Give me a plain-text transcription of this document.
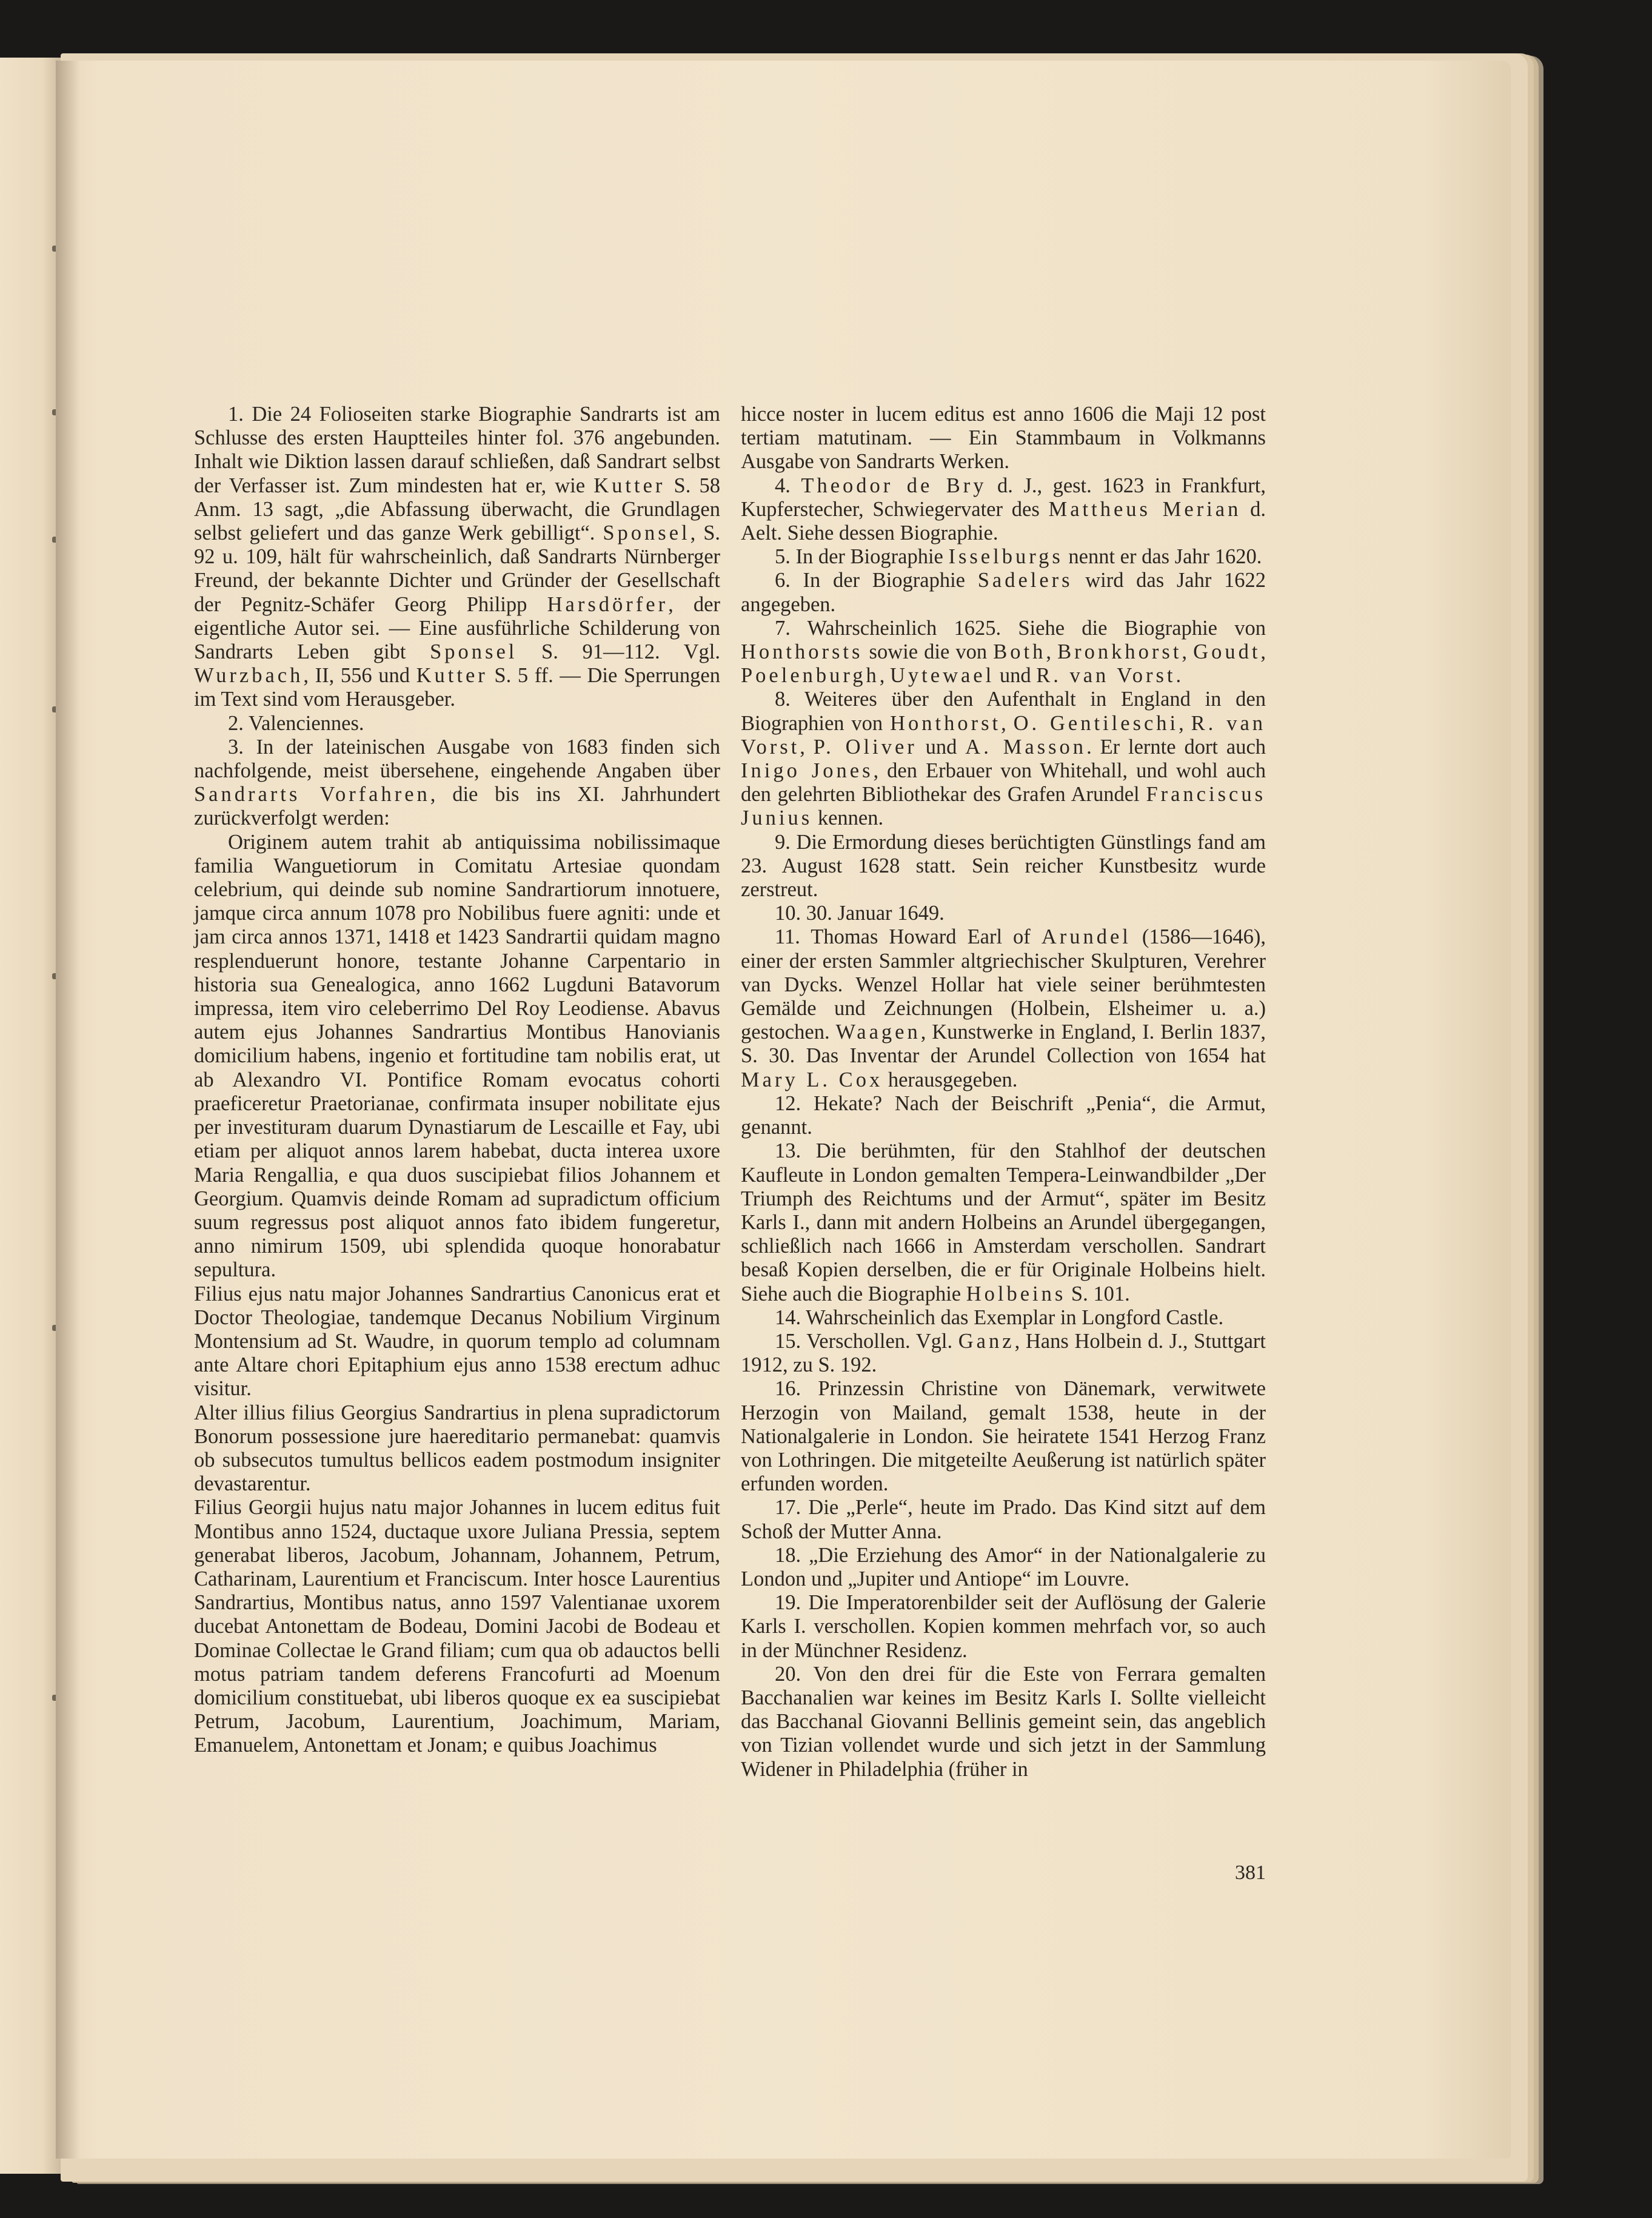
1. Die 24 Folioseiten starke Biographie Sandrarts ist am Schlusse des ersten Hauptteiles hinter fol. 376 angebunden. Inhalt wie Diktion lassen darauf schließen, daß Sandrart selbst der Verfasser ist. Zum mindesten hat er, wie Kutter S. 58 Anm. 13 sagt, „die Abfassung überwacht, die Grundlagen selbst geliefert und das ganze Werk gebilligt“. Sponsel, S. 92 u. 109, hält für wahrscheinlich, daß Sandrarts Nürnberger Freund, der bekannte Dichter und Gründer der Gesellschaft der Pegnitz-Schäfer Georg Philipp Harsdörfer, der eigentliche Autor sei. — Eine ausführliche Schilderung von Sandrarts Leben gibt Sponsel S. 91—112. Vgl. Wurzbach, II, 556 und Kutter S. 5 ff. — Die Sperrungen im Text sind vom Herausgeber.

2. Valenciennes.

3. In der lateinischen Ausgabe von 1683 finden sich nachfolgende, meist übersehene, eingehende Angaben über Sandrarts Vorfahren, die bis ins XI. Jahrhundert zurückverfolgt werden:

Originem autem trahit ab antiquissima nobilissimaque familia Wanguetiorum in Comitatu Artesiae quondam celebrium, qui deinde sub nomine Sandrartiorum innotuere, jamque circa annum 1078 pro Nobilibus fuere agniti: unde et jam circa annos 1371, 1418 et 1423 Sandrartii quidam magno resplenduerunt honore, testante Johanne Carpentario in historia sua Genealogica, anno 1662 Lugduni Batavorum impressa, item viro celeberrimo Del Roy Leodiense. Abavus autem ejus Johannes Sandrartius Montibus Hanovianis domicilium habens, ingenio et fortitudine tam nobilis erat, ut ab Alexandro VI. Pontifice Romam evocatus cohorti praeficeretur Praetorianae, confirmata insuper nobilitate ejus per investituram duarum Dynastiarum de Lescaille et Fay, ubi etiam per aliquot annos larem habebat, ducta interea uxore Maria Rengallia, e qua duos suscipiebat filios Johannem et Georgium. Quamvis deinde Romam ad supradictum officium suum regressus post aliquot annos fato ibidem fungeretur, anno nimirum 1509, ubi splendida quoque honorabatur sepultura.

Filius ejus natu major Johannes Sandrartius Canonicus erat et Doctor Theologiae, tandemque Decanus Nobilium Virginum Montensium ad St. Waudre, in quorum templo ad columnam ante Altare chori Epitaphium ejus anno 1538 erectum adhuc visitur.

Alter illius filius Georgius Sandrartius in plena supradictorum Bonorum possessione jure haereditario permanebat: quamvis ob subsecutos tumultus bellicos eadem postmodum insigniter devastarentur.

Filius Georgii hujus natu major Johannes in lucem editus fuit Montibus anno 1524, ductaque uxore Juliana Pressia, septem generabat liberos, Jacobum, Johannam, Johannem, Petrum, Catharinam, Laurentium et Franciscum. Inter hosce Laurentius Sandrartius, Montibus natus, anno 1597 Valentianae uxorem ducebat Antonettam de Bodeau, Domini Jacobi de Bodeau et Dominae Collectae le Grand filiam; cum qua ob adauctos belli motus patriam tandem deferens Francofurti ad Moenum domicilium constituebat, ubi liberos quoque ex ea suscipiebat Petrum, Jacobum, Laurentium, Joachimum, Mariam, Emanuelem, Antonettam et Jonam; e quibus Joachimus

hicce noster in lucem editus est anno 1606 die Maji 12 post tertiam matutinam. — Ein Stammbaum in Volkmanns Ausgabe von Sandrarts Werken.

4. Theodor de Bry d. J., gest. 1623 in Frankfurt, Kupferstecher, Schwiegervater des Mattheus Merian d. Aelt. Siehe dessen Biographie.

5. In der Biographie Isselburgs nennt er das Jahr 1620.

6. In der Biographie Sadelers wird das Jahr 1622 angegeben.

7. Wahrscheinlich 1625. Siehe die Biographie von Honthorsts sowie die von Both, Bronkhorst, Goudt, Poelenburgh, Uytewael und R. van Vorst.

8. Weiteres über den Aufenthalt in England in den Biographien von Honthorst, O. Gentileschi, R. van Vorst, P. Oliver und A. Masson. Er lernte dort auch Inigo Jones, den Erbauer von Whitehall, und wohl auch den gelehrten Bibliothekar des Grafen Arundel Franciscus Junius kennen.

9. Die Ermordung dieses berüchtigten Günstlings fand am 23. August 1628 statt. Sein reicher Kunstbesitz wurde zerstreut.

10. 30. Januar 1649.

11. Thomas Howard Earl of Arundel (1586—1646), einer der ersten Sammler altgriechischer Skulpturen, Verehrer van Dycks. Wenzel Hollar hat viele seiner berühmtesten Gemälde und Zeichnungen (Holbein, Elsheimer u. a.) gestochen. Waagen, Kunstwerke in England, I. Berlin 1837, S. 30. Das Inventar der Arundel Collection von 1654 hat Mary L. Cox herausgegeben.

12. Hekate? Nach der Beischrift „Penia“, die Armut, genannt.

13. Die berühmten, für den Stahlhof der deutschen Kaufleute in London gemalten Tempera-Leinwandbilder „Der Triumph des Reichtums und der Armut“, später im Besitz Karls I., dann mit andern Holbeins an Arundel übergegangen, schließlich nach 1666 in Amsterdam verschollen. Sandrart besaß Kopien derselben, die er für Originale Holbeins hielt. Siehe auch die Biographie Holbeins S. 101.

14. Wahrscheinlich das Exemplar in Longford Castle.

15. Verschollen. Vgl. Ganz, Hans Holbein d. J., Stuttgart 1912, zu S. 192.

16. Prinzessin Christine von Dänemark, verwitwete Herzogin von Mailand, gemalt 1538, heute in der Nationalgalerie in London. Sie heiratete 1541 Herzog Franz von Lothringen. Die mitgeteilte Aeußerung ist natürlich später erfunden worden.

17. Die „Perle“, heute im Prado. Das Kind sitzt auf dem Schoß der Mutter Anna.

18. „Die Erziehung des Amor“ in der Nationalgalerie zu London und „Jupiter und Antiope“ im Louvre.

19. Die Imperatorenbilder seit der Auflösung der Galerie Karls I. verschollen. Kopien kommen mehrfach vor, so auch in der Münchner Residenz.

20. Von den drei für die Este von Ferrara gemalten Bacchanalien war keines im Besitz Karls I. Sollte vielleicht das Bacchanal Giovanni Bellinis gemeint sein, das angeblich von Tizian vollendet wurde und sich jetzt in der Sammlung Widener in Philadelphia (früher in

381
